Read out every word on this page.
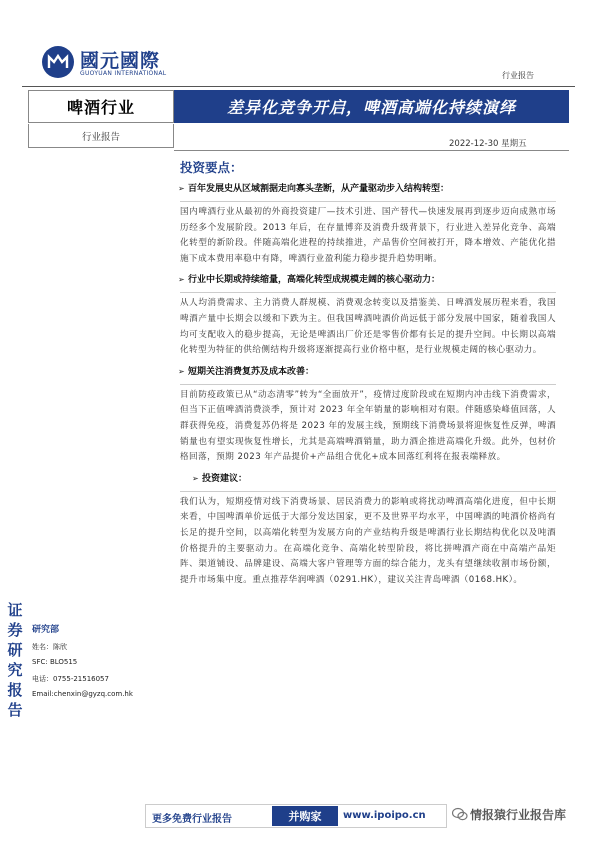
國元國際
GUOYUAN INTERNATIONAL	行业报告
啤酒行业	差异化竞争开启，啤酒高端化持续演绎
行业报告
2022-12-30 星期五
证
券
研
究
报
告
研究部
姓名：陈欣
SFC: BLO515
电话：0755-21516057
Email:chenxin@gyzq.com.hk
投资要点：
➢ 百年发展史从区域割据走向寡头垄断，从产量驱动步入结构转型：

国内啤酒行业从最初的外商投资建厂—技术引进、国产替代—快速发展再到逐步迈向成熟市场历经多个发展阶段。2013 年后，在存量博弈及消费升级背景下，行业进入差异化竞争、高端化转型的新阶段。伴随高端化进程的持续推进，产品售价空间被打开，降本增效、产能优化措施下成本费用率稳中有降，啤酒行业盈利能力稳步提升趋势明晰。

➢ 行业中长期或持续缩量，高端化转型成规模走阔的核心驱动力：

从人均消费需求、主力消费人群规模、消费观念转变以及措鉴美、日啤酒发展历程来看，我国啤酒产量中长期会以缓和下跌为主。但我国啤酒吨酒价尚远低于部分发展中国家，随着我国人均可支配收入的稳步提高，无论是啤酒出厂价还是零售价都有长足的提升空间。中长期以高端化转型为特征的供给侧结构升级将逐渐提高行业价格中枢，是行业规模走阔的核心驱动力。

➢ 短期关注消费复苏及成本改善：

目前防疫政策已从“动态清零”转为“全面放开”，疫情过度阶段或在短期内冲击线下消费需求，但当下正值啤酒消费淡季，预计对 2023 年全年销量的影响相对有限。伴随感染峰值回落，人群获得免疫，消费复苏仍将是 2023 年的发展主线，预期线下消费场景将迎恢复性反弹，啤酒销量也有望实现恢复性增长，尤其是高端啤酒销量，助力酒企推进高端化升级。此外，包材价格回落，预期 2023 年产品提价+产品组合优化+成本回落红利将在报表端释放。

➢ 投资建议：

我们认为，短期疫情对线下消费场景、居民消费力的影响或将扰动啤酒高端化进度，但中长期来看，中国啤酒单价远低于大部分发达国家，更不及世界平均水平，中国啤酒的吨酒价格尚有长足的提升空间，以高端化转型为发展方向的产业结构升级是啤酒行业长期结构优化以及吨酒价格提升的主要驱动力。在高端化竞争、高端化转型阶段，将比拼啤酒产商在中高端产品矩阵、渠道铺设、品牌建设、高端大客户管理等方面的综合能力，龙头有望继续收割市场份额，提升市场集中度。重点推荐华润啤酒（0291.HK），建议关注青岛啤酒（0168.HK）。

更多免费行业报告	并购家	www.ipoipo.cn	情报猿行业报告库
